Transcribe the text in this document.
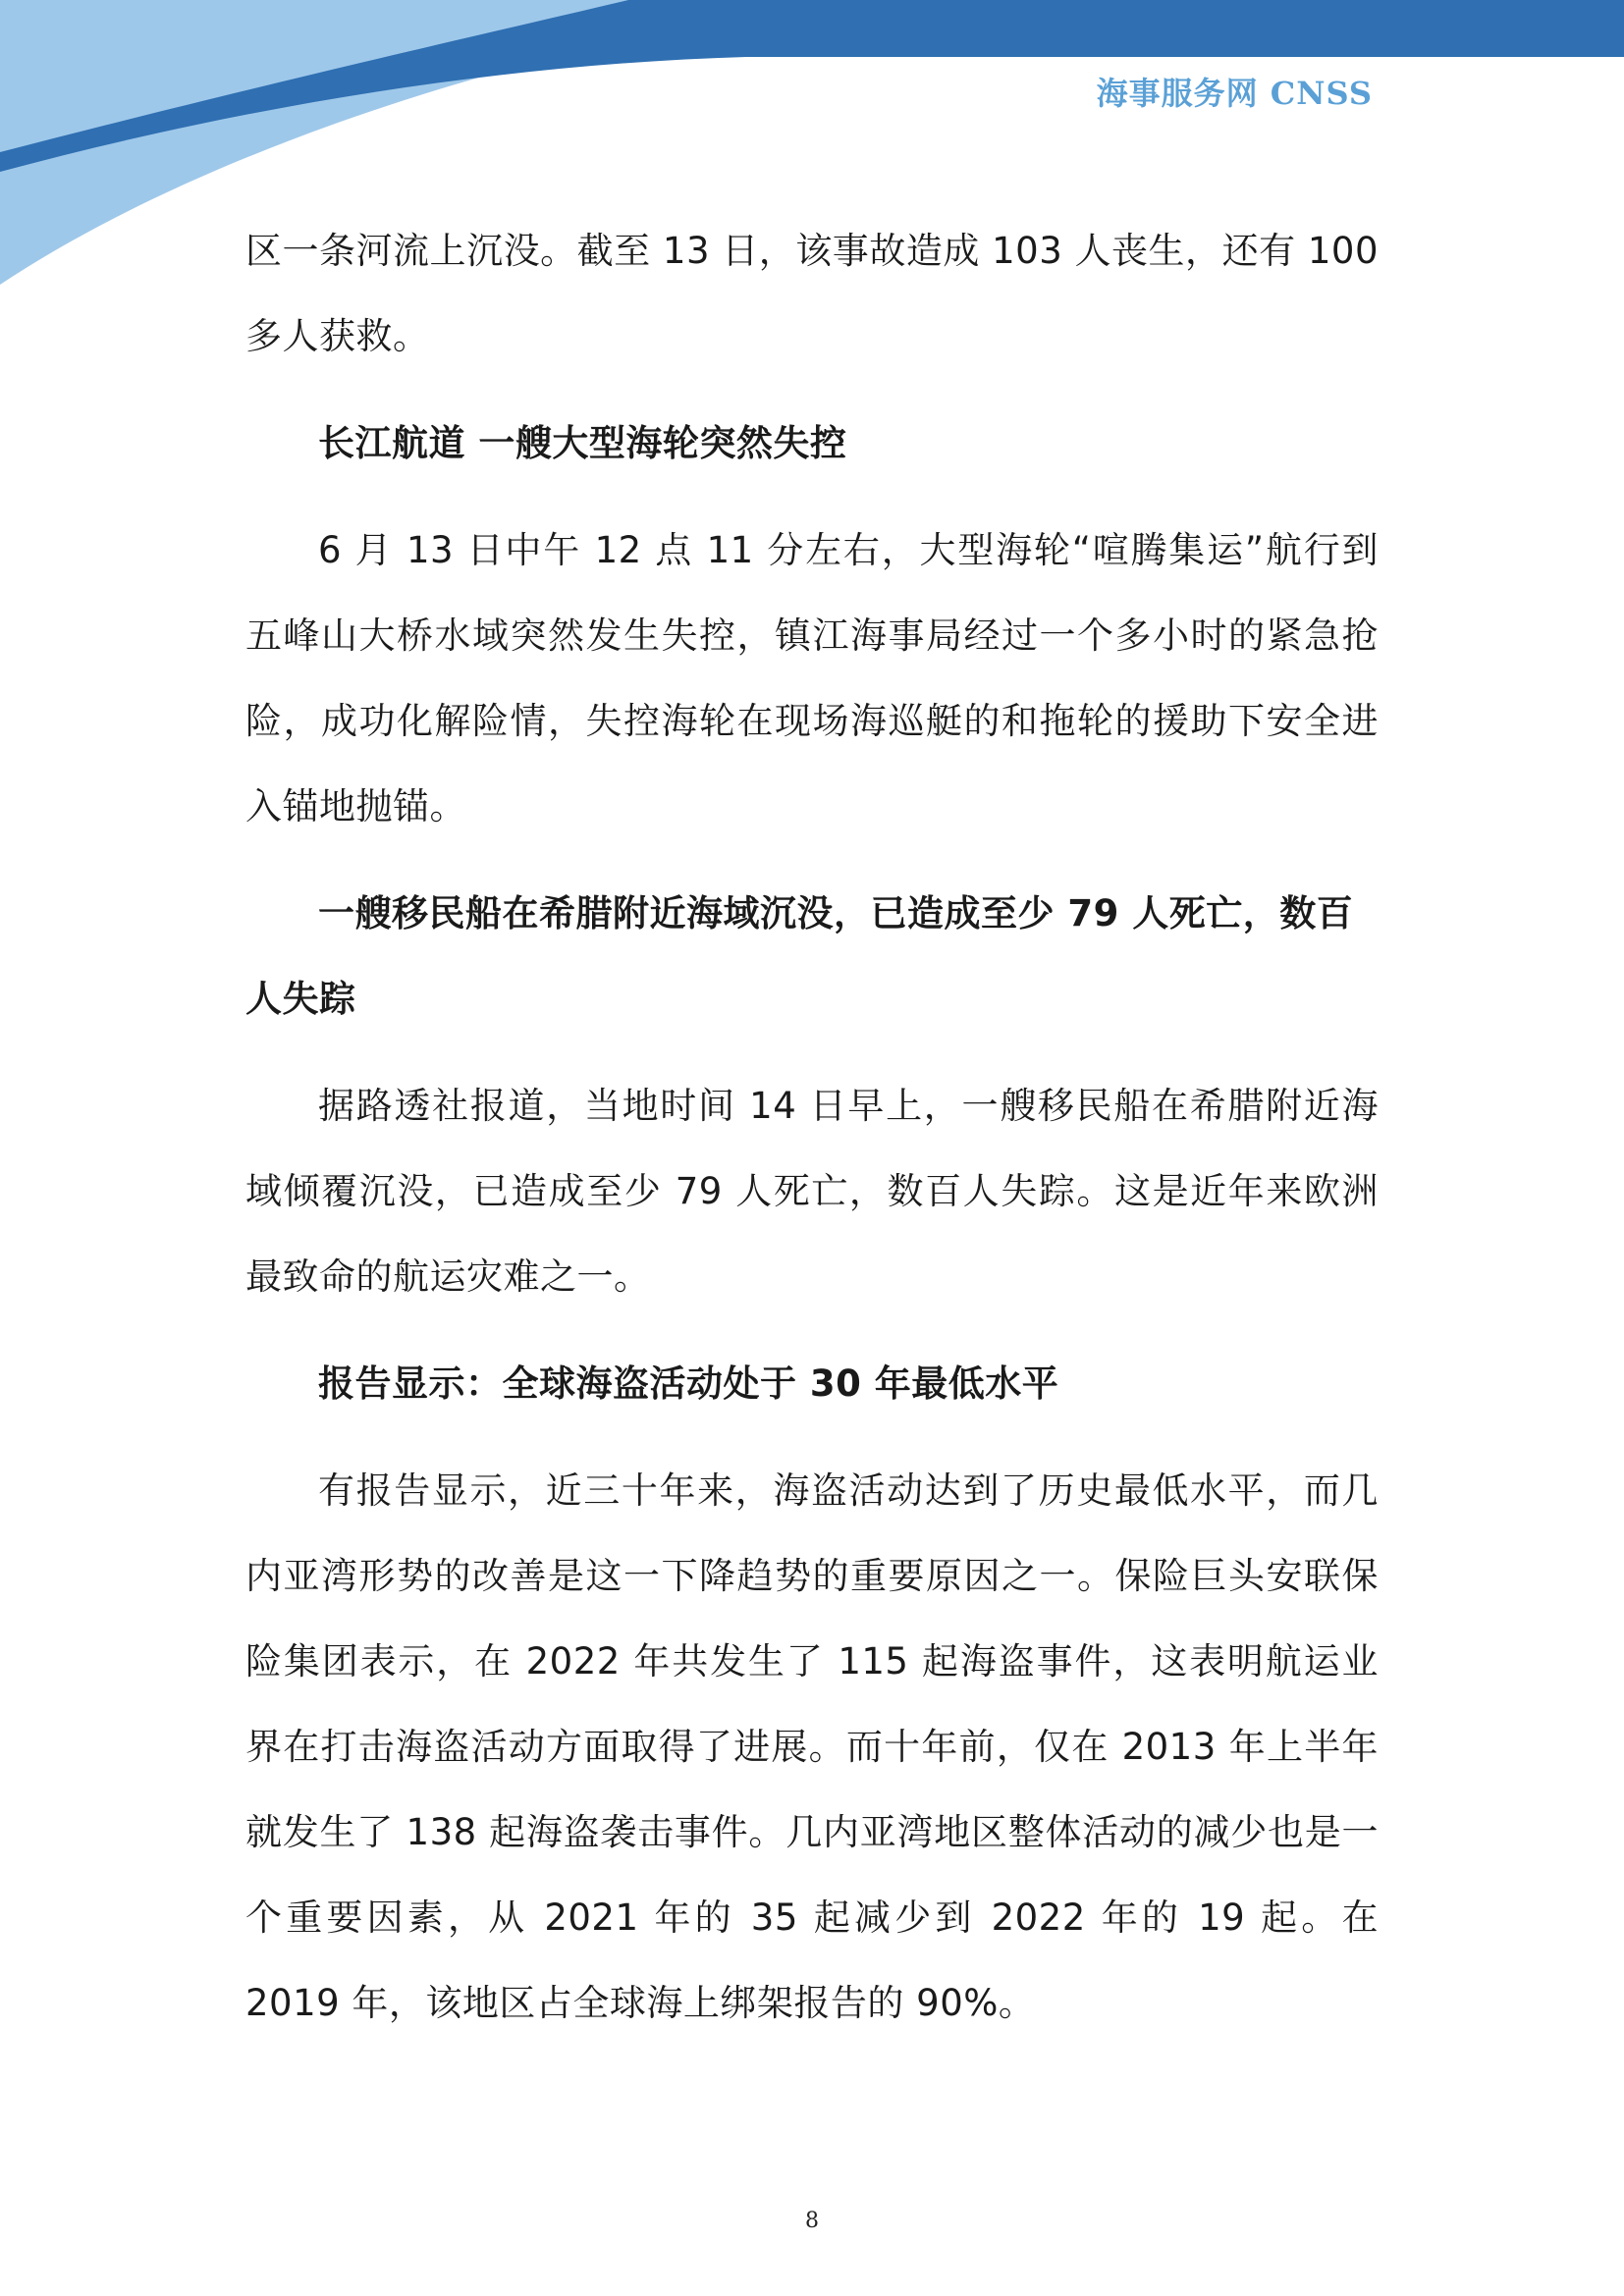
海事服务网 CNSS

区一条河流上沉没。截至 13 日，该事故造成 103 人丧生，还有 100 多人获救。

长江航道 一艘大型海轮突然失控

6 月 13 日中午 12 点 11 分左右，大型海轮“喧腾集运”航行到五峰山大桥水域突然发生失控，镇江海事局经过一个多小时的紧急抢险，成功化解险情，失控海轮在现场海巡艇的和拖轮的援助下安全进入锚地抛锚。

一艘移民船在希腊附近海域沉没，已造成至少 79 人死亡，数百人失踪

据路透社报道，当地时间 14 日早上，一艘移民船在希腊附近海域倾覆沉没，已造成至少 79 人死亡，数百人失踪。这是近年来欧洲最致命的航运灾难之一。

报告显示：全球海盗活动处于 30 年最低水平

有报告显示，近三十年来，海盗活动达到了历史最低水平，而几内亚湾形势的改善是这一下降趋势的重要原因之一。保险巨头安联保险集团表示，在 2022 年共发生了 115 起海盗事件，这表明航运业界在打击海盗活动方面取得了进展。而十年前，仅在 2013 年上半年就发生了 138 起海盗袭击事件。几内亚湾地区整体活动的减少也是一个重要因素，从 2021 年的 35 起减少到 2022 年的 19 起。在 2019 年，该地区占全球海上绑架报告的 90%。

8
